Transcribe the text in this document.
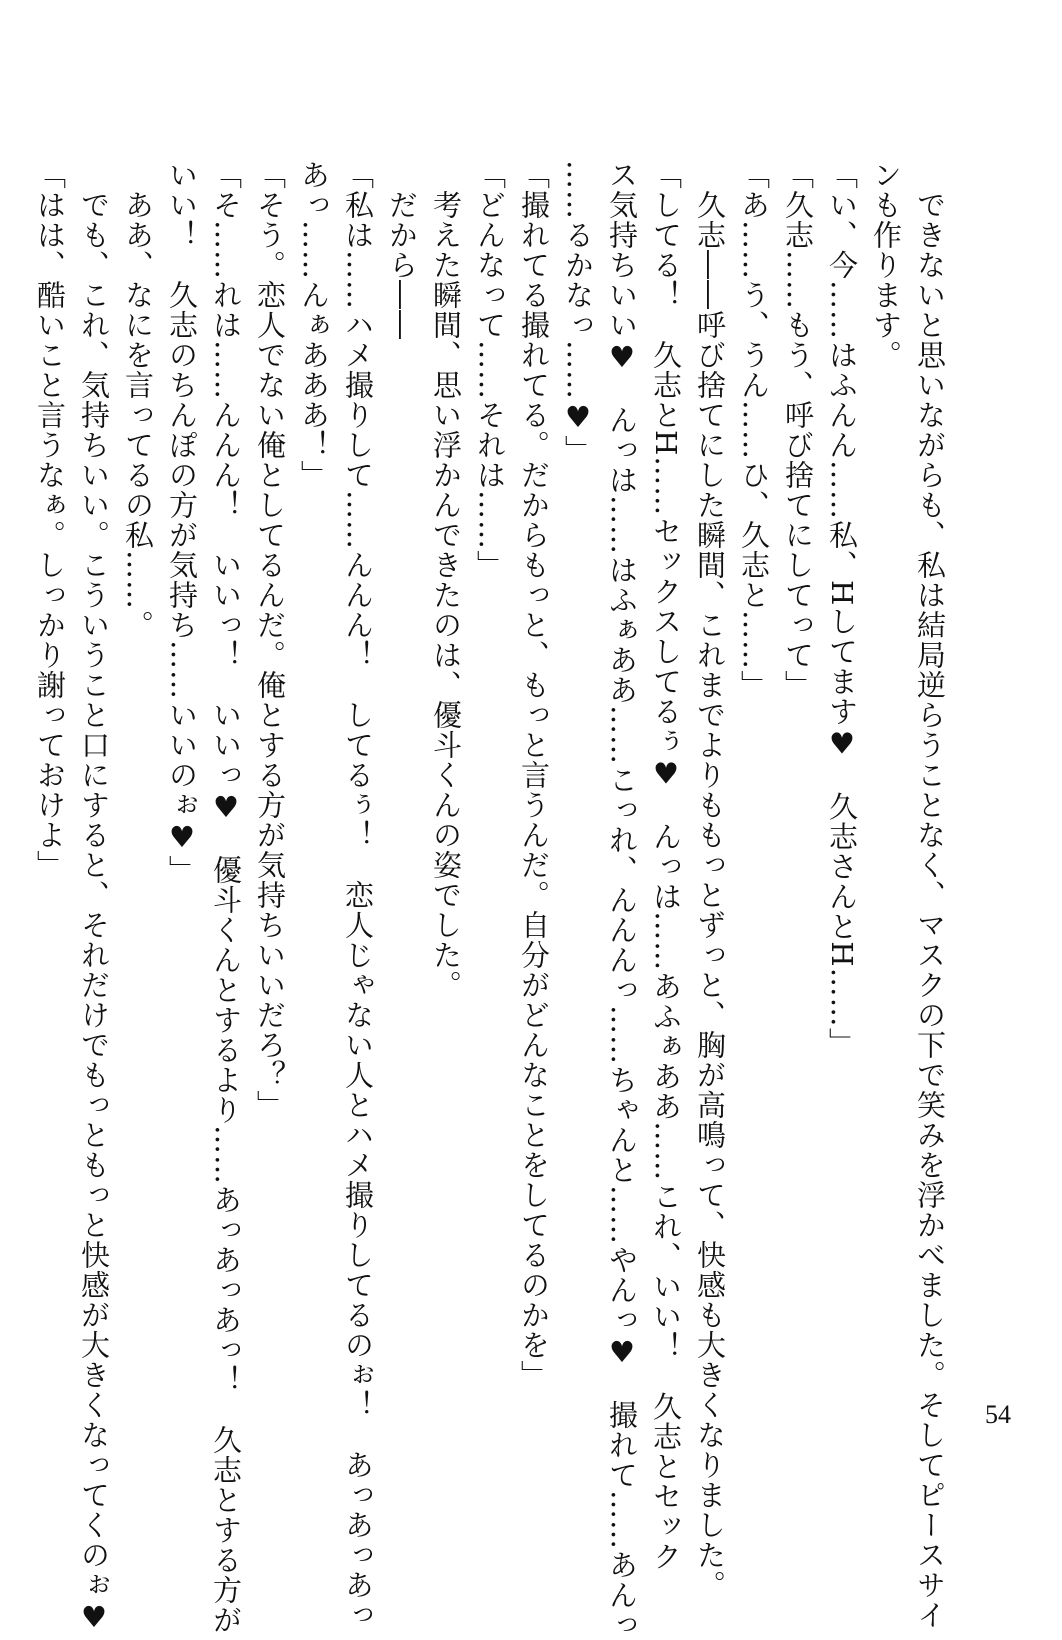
　できないと思いながらも、私は結局逆らうことなく、マスクの下で笑みを浮かべました。そしてピースサイ
ンも作ります。
「い、今……はふんん……私、Hしてます♥　久志さんとH……」
「久志……もう、呼び捨てにしてって」
「あ……う、うん……ひ、久志と……」
　久志――呼び捨てにした瞬間、これまでよりももっとずっと、胸が高鳴って、快感も大きくなりました。
「してる！　久志とH……セックスしてるぅ♥　んっは……あふぁああ……これ、いい！　久志とセック
ス気持ちいい♥　んっは……はふぁああ……こっれ、んんんっ……ちゃんと……やんっ♥　撮れて……あんっ
……るかなっ……♥」
「撮れてる撮れてる。だからもっと、もっと言うんだ。自分がどんなことをしてるのかを」
「どんなって……それは……」
　考えた瞬間、思い浮かんできたのは、優斗くんの姿でした。
　だから――
「私は……ハメ撮りして……んんん！　してるぅ！　恋人じゃない人とハメ撮りしてるのぉ！　あっあっあっ
あっ……んぁあああ！」
「そう。恋人でない俺としてるんだ。俺とする方が気持ちいいだろ？」
「そ……れは……んんん！　いいっ！　いいっ♥　優斗くんとするより……あっあっあっ！　久志とする方が
いい！　久志のちんぽの方が気持ち……いいのぉ♥」
　ああ、なにを言ってるの私……。
　でも、これ、気持ちいい。こういうこと口にすると、それだけでもっともっと快感が大きくなってくのぉ♥
「はは、酷いこと言うなぁ。しっかり謝っておけよ」
54
